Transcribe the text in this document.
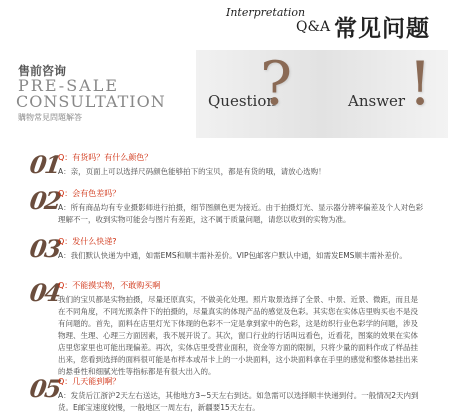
Interpretation
Q&A 常见问题
售前咨询
PRE-SALE
CONSULTATION
購物常見問題解答
Question
?	Answer !
01
Q：有货吗？有什么颜色？
A：亲，页面上可以选择尺码颜色能够拍下的宝贝，都是有货的哦，请放心选购！
02
Q：会有色差吗？
A：所有商品均有专业摄影师进行拍摄，细节图颜色更为接近。由于拍摄灯光、显示器分辨率偏差及个人对色彩理解不一，收到实物可能会与图片有差距，这不属于质量问题，请您以收到的实物为准。
03
Q：发什么快递?
A：我们默认快递为中通，如需EMS和顺丰需补差价。VIP包邮客户默认中通，如需发EMS顺丰需补差价。
04
Q：不能摸实物，不敢购买啊
我们的宝贝都是实物拍摄，尽量还原真实，不做美化处理。照片取景选择了全景、中景、近景、微距，而且是在不同角度，不同光照条件下的拍摄的，尽量真实的体现产品的感觉及色彩。其实您在实体店里购买也不是没有问题的。首先，面料在店里灯光下体现的色彩不一定是拿到家中的色彩，这是纺织行业色彩学的问题，涉及物理、生理、心理三方面因素，我不展开说了。其次，窗口行业的行话叫远看色，近看花，图案的效果在实体店里您家里也可能出现偏差。再次，实体店里受营业面积，资金等方面的限制，只将少量的面料作成了样品挂出来，您看到选择的面料很可能是布样本或吊卡上的一小块面料，这小块面料拿在手里的感觉和整体悬挂出来的悬垂性和细腻光性等指标都是有很大出入的。
05
Q：几天能到啊？
A：发货后江浙沪2天左右送达，其他地方3~5天左右到达。如急需可以选择顺丰快递到付。一般情况2天内到货。E邮宝速度较慢，一般地区一周左右，新疆要15天左右。
